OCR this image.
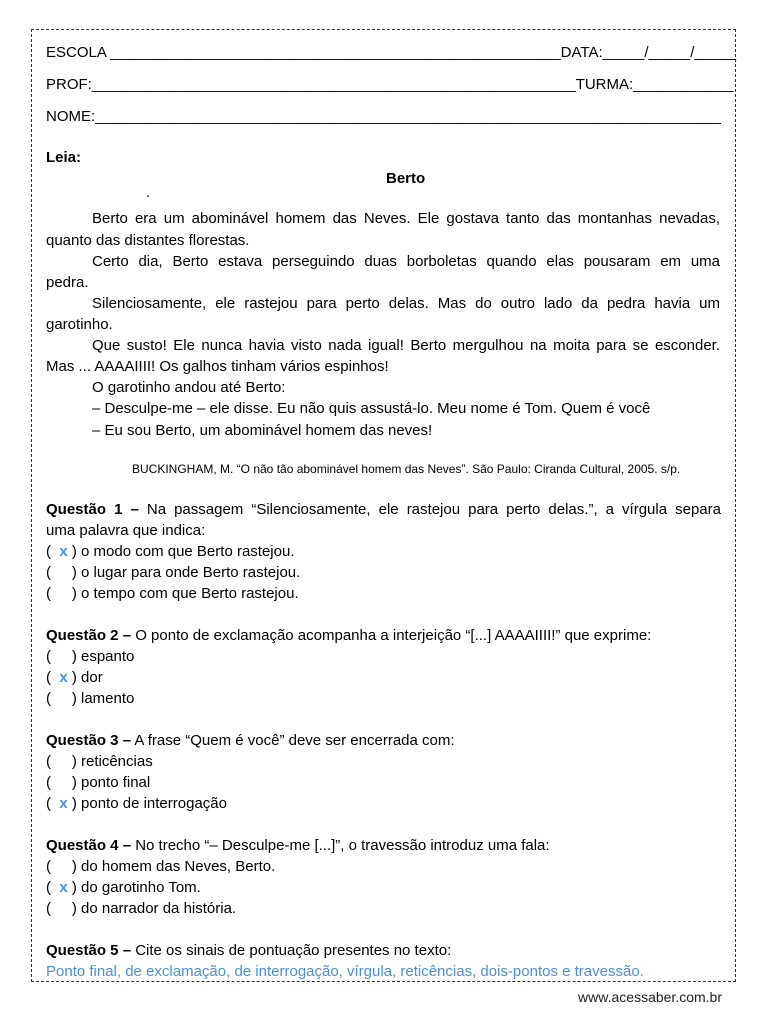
ESCOLA ______________________________________________________DATA:_____/_____/_____
PROF:__________________________________________________________TURMA:____________
NOME:___________________________________________________________________________
Leia:
Berto
.
Berto era um abominável homem das Neves. Ele gostava tanto das montanhas nevadas,
quanto das distantes florestas.
Certo dia, Berto estava perseguindo duas borboletas quando elas pousaram em uma
pedra.
Silenciosamente, ele rastejou para perto delas. Mas do outro lado da pedra havia um
garotinho.
Que susto! Ele nunca havia visto nada igual! Berto mergulhou na moita para se esconder.
Mas ... AAAAIIII! Os galhos tinham vários espinhos!
O garotinho andou até Berto:
– Desculpe-me – ele disse. Eu não quis assustá-lo. Meu nome é Tom. Quem é você
– Eu sou Berto, um abominável homem das neves!
BUCKINGHAM, M. “O não tão abominável homem das Neves”. São Paulo: Ciranda Cultural, 2005. s/p.
Questão 1 – Na passagem “Silenciosamente, ele rastejou para perto delas.”, a vírgula separa
uma palavra que indica:
(  x ) o modo com que Berto rastejou.
(     ) o lugar para onde Berto rastejou.
(     ) o tempo com que Berto rastejou.
Questão 2 – O ponto de exclamação acompanha a interjeição “[...] AAAAIIII!” que exprime:
(     ) espanto
(  x ) dor
(     ) lamento
Questão 3 – A frase “Quem é você” deve ser encerrada com:
(     ) reticências
(     ) ponto final
(  x ) ponto de interrogação
Questão 4 – No trecho “– Desculpe-me [...]”, o travessão introduz uma fala:
(     ) do homem das Neves, Berto.
(  x ) do garotinho Tom.
(     ) do narrador da história.
Questão 5 – Cite os sinais de pontuação presentes no texto:
Ponto final, de exclamação, de interrogação, vírgula, reticências, dois-pontos e travessão.
www.acessaber.com.br
